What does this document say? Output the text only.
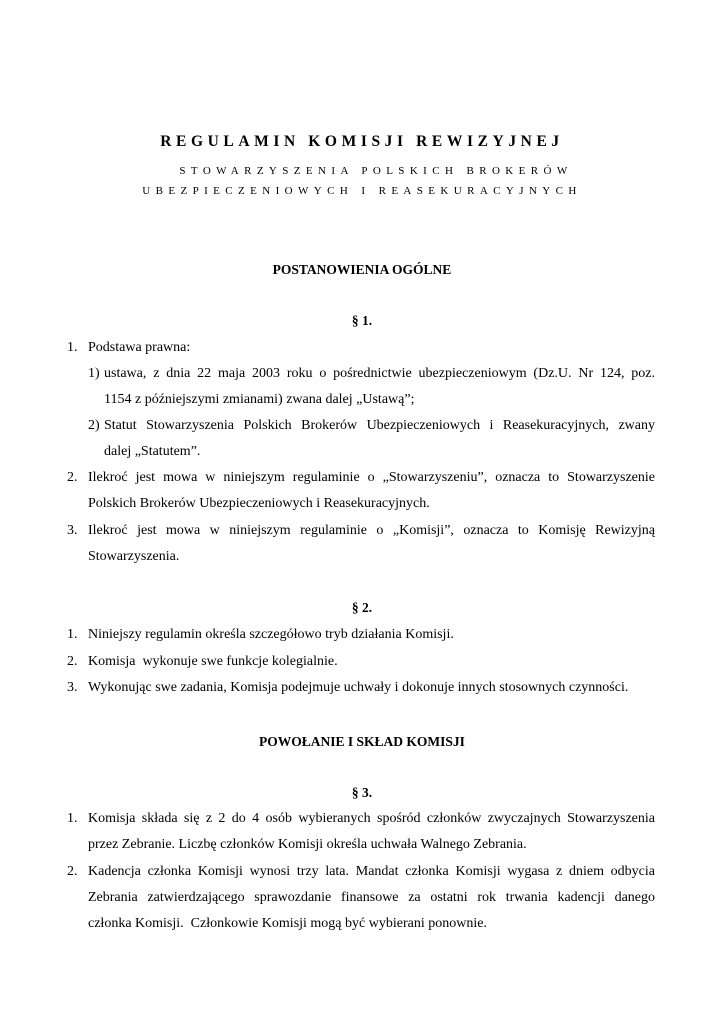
REGULAMIN KOMISJI REWIZYJNEJ
STOWARZYSZENIA POLSKICH BROKERÓW
UBEZPIECZENIOWYCH I REASEKURACYJNYCH
POSTANOWIENIA OGÓLNE
§ 1.
1. Podstawa prawna:
1) ustawa, z dnia 22 maja 2003 roku o pośrednictwie ubezpieczeniowym (Dz.U. Nr 124, poz.
1154 z późniejszymi zmianami) zwana dalej „Ustawą”;
2) Statut Stowarzyszenia Polskich Brokerów Ubezpieczeniowych i Reasekuracyjnych, zwany
dalej „Statutem”.
2. Ilekroć jest mowa w niniejszym regulaminie o „Stowarzyszeniu”, oznacza to Stowarzyszenie
Polskich Brokerów Ubezpieczeniowych i Reasekuracyjnych.
3. Ilekroć jest mowa w niniejszym regulaminie o „Komisji”, oznacza to Komisję Rewizyjną
Stowarzyszenia.
§ 2.
1. Niniejszy regulamin określa szczegółowo tryb działania Komisji.
2. Komisja  wykonuje swe funkcje kolegialnie.
3. Wykonując swe zadania, Komisja podejmuje uchwały i dokonuje innych stosownych czynności.
POWOŁANIE I SKŁAD KOMISJI
§ 3.
1. Komisja składa się z 2 do 4 osób wybieranych spośród członków zwyczajnych Stowarzyszenia
przez Zebranie. Liczbę członków Komisji określa uchwała Walnego Zebrania.
2. Kadencja członka Komisji wynosi trzy lata. Mandat członka Komisji wygasa z dniem odbycia
Zebrania zatwierdzającego sprawozdanie finansowe za ostatni rok trwania kadencji danego
członka Komisji.  Członkowie Komisji mogą być wybierani ponownie.
